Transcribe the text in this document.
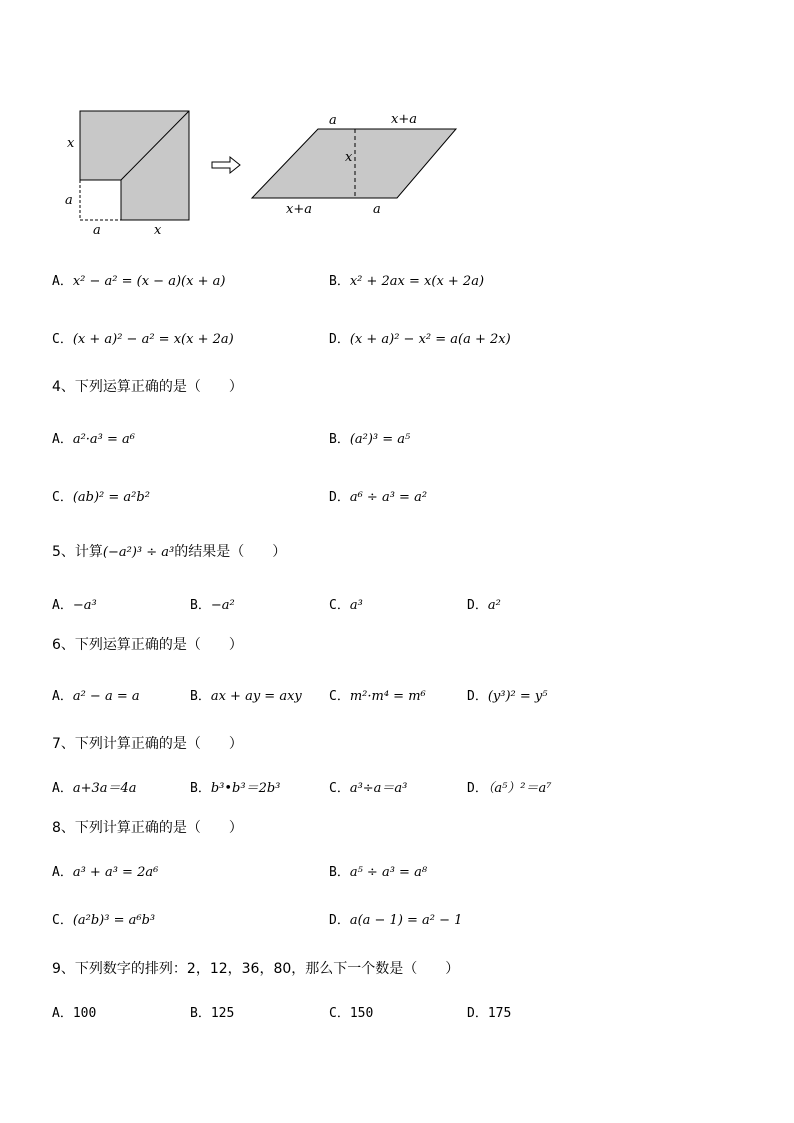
x
a
a	x
a	x+a
x
x+a	a
A．x² − a² = (x − a)(x + a)	B．x² + 2ax = x(x + 2a)
C．(x + a)² − a² = x(x + 2a)	D．(x + a)² − x² = a(a + 2x)
4、下列运算正确的是（　　）
A．a²·a³ = a⁶	B．(a²)³ = a⁵
C．(ab)² = a²b²	D．a⁶ ÷ a³ = a²
5、计算(−a²)³ ÷ a³的结果是（　　）
A．−a³	B．−a²	C．a³	D．a²
6、下列运算正确的是（　　）
A．a² − a = a	B．ax + ay = axy C．m²·m⁴ = m⁶	D．(y³)² = y⁵
7、下列计算正确的是（　　）
A．a+3a＝4a	B．b³•b³＝2b³	C．a³÷a＝a³	D．（a⁵）²＝a⁷
8、下列计算正确的是（　　）
A．a³ + a³ = 2a⁶	B．a⁵ ÷ a³ = a⁸
C．(a²b)³ = a⁶b³	D．a(a − 1) = a² − 1
9、下列数字的排列：2，12，36，80，那么下一个数是（　　）
A．100	B．125	C．150	D．175
